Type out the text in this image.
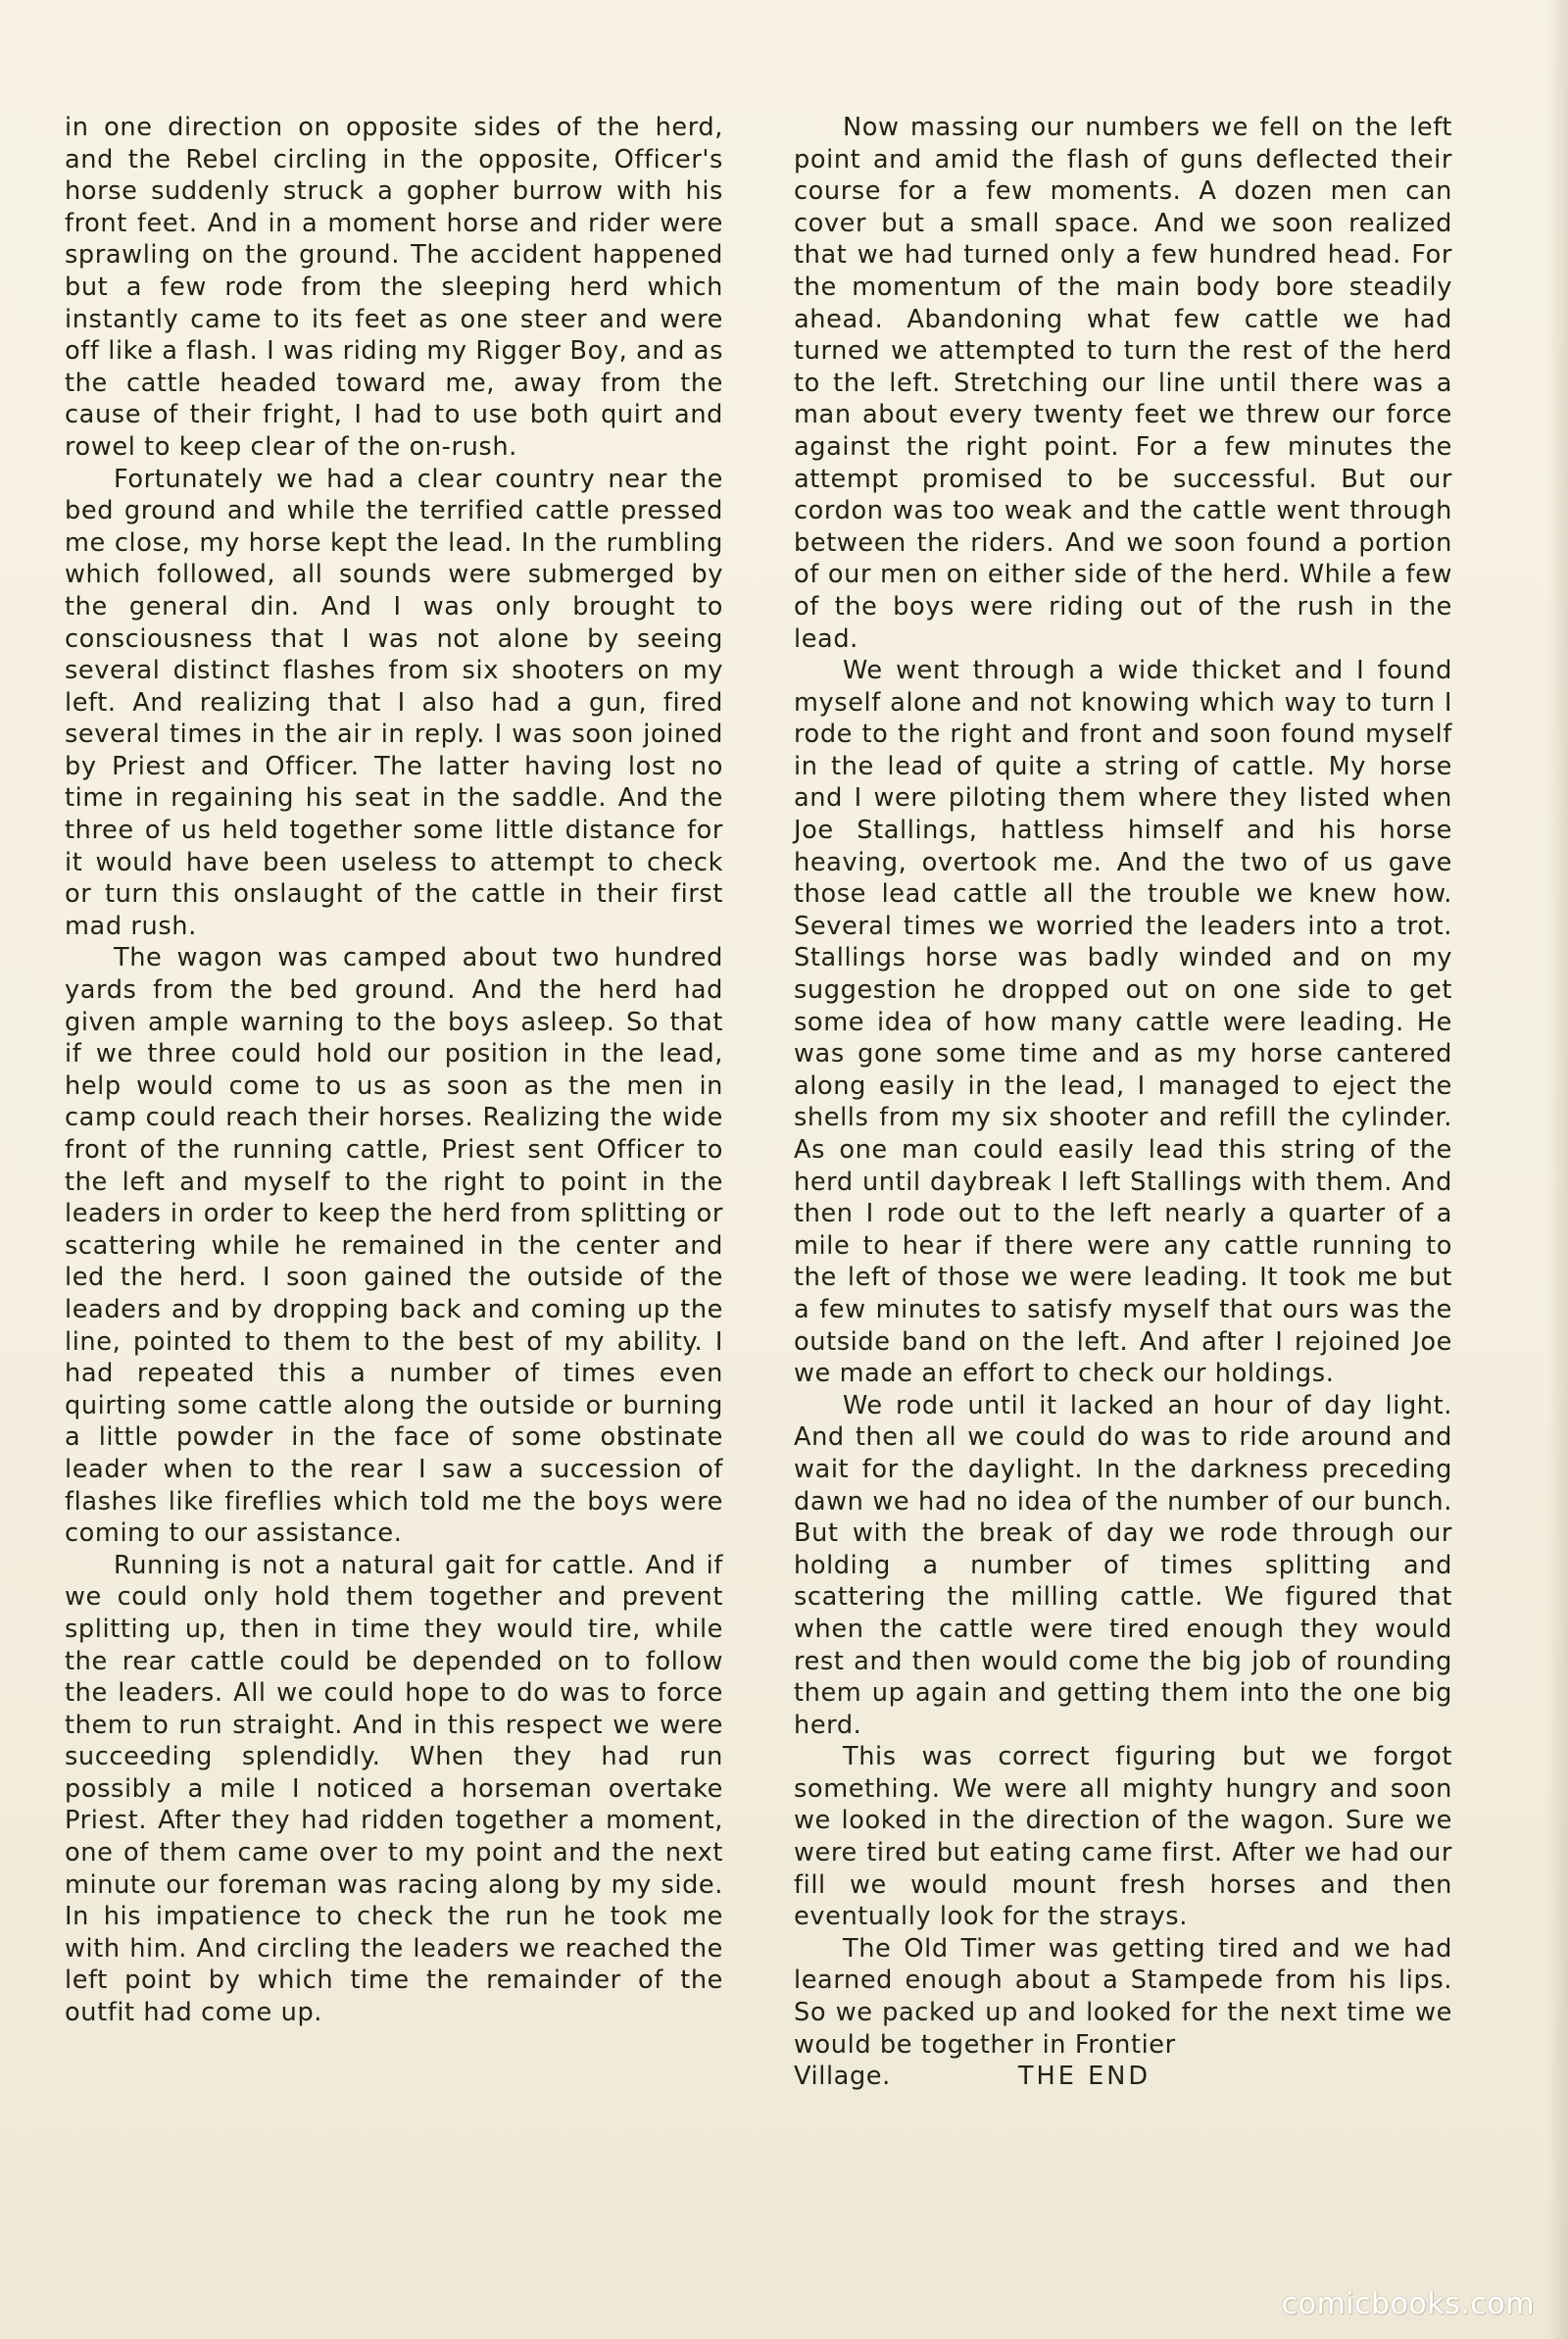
in one direction on opposite sides of the herd, and the Rebel circling in the opposite, Officer's horse suddenly struck a gopher burrow with his front feet. And in a moment horse and rider were sprawling on the ground. The accident happened but a few rode from the sleeping herd which instantly came to its feet as one steer and were off like a flash. I was riding my Rigger Boy, and as the cattle headed toward me, away from the cause of their fright, I had to use both quirt and rowel to keep clear of the on-rush.

Fortunately we had a clear country near the bed ground and while the terrified cattle pressed me close, my horse kept the lead. In the rumbling which followed, all sounds were submerged by the general din. And I was only brought to consciousness that I was not alone by seeing several distinct flashes from six shooters on my left. And realizing that I also had a gun, fired several times in the air in reply. I was soon joined by Priest and Officer. The latter having lost no time in regaining his seat in the saddle. And the three of us held together some little distance for it would have been useless to attempt to check or turn this onslaught of the cattle in their first mad rush.

The wagon was camped about two hundred yards from the bed ground. And the herd had given ample warning to the boys asleep. So that if we three could hold our position in the lead, help would come to us as soon as the men in camp could reach their horses. Realizing the wide front of the running cattle, Priest sent Officer to the left and myself to the right to point in the leaders in order to keep the herd from splitting or scattering while he remained in the center and led the herd. I soon gained the outside of the leaders and by dropping back and coming up the line, pointed to them to the best of my ability. I had repeated this a number of times even quirting some cattle along the outside or burning a little powder in the face of some obstinate leader when to the rear I saw a succession of flashes like fireflies which told me the boys were coming to our assistance.

Running is not a natural gait for cattle. And if we could only hold them together and prevent splitting up, then in time they would tire, while the rear cattle could be depended on to follow the leaders. All we could hope to do was to force them to run straight. And in this respect we were succeeding splendidly. When they had run possibly a mile I noticed a horseman overtake Priest. After they had ridden together a moment, one of them came over to my point and the next minute our foreman was racing along by my side. In his impatience to check the run he took me with him. And circling the leaders we reached the left point by which time the remainder of the outfit had come up.

Now massing our numbers we fell on the left point and amid the flash of guns deflected their course for a few moments. A dozen men can cover but a small space. And we soon realized that we had turned only a few hundred head. For the momentum of the main body bore steadily ahead. Abandoning what few cattle we had turned we attempted to turn the rest of the herd to the left. Stretching our line until there was a man about every twenty feet we threw our force against the right point. For a few minutes the attempt promised to be successful. But our cordon was too weak and the cattle went through between the riders. And we soon found a portion of our men on either side of the herd. While a few of the boys were riding out of the rush in the lead.

We went through a wide thicket and I found myself alone and not knowing which way to turn I rode to the right and front and soon found myself in the lead of quite a string of cattle. My horse and I were piloting them where they listed when Joe Stallings, hattless himself and his horse heaving, overtook me. And the two of us gave those lead cattle all the trouble we knew how. Several times we worried the leaders into a trot. Stallings horse was badly winded and on my suggestion he dropped out on one side to get some idea of how many cattle were leading. He was gone some time and as my horse cantered along easily in the lead, I managed to eject the shells from my six shooter and refill the cylinder. As one man could easily lead this string of the herd until daybreak I left Stallings with them. And then I rode out to the left nearly a quarter of a mile to hear if there were any cattle running to the left of those we were leading. It took me but a few minutes to satisfy myself that ours was the outside band on the left. And after I rejoined Joe we made an effort to check our holdings.

We rode until it lacked an hour of day light. And then all we could do was to ride around and wait for the daylight. In the darkness preceding dawn we had no idea of the number of our bunch. But with the break of day we rode through our holding a number of times splitting and scattering the milling cattle. We figured that when the cattle were tired enough they would rest and then would come the big job of rounding them up again and getting them into the one big herd.

This was correct figuring but we forgot something. We were all mighty hungry and soon we looked in the direction of the wagon. Sure we were tired but eating came first. After we had our fill we would mount fresh horses and then eventually look for the strays.

The Old Timer was getting tired and we had learned enough about a Stampede from his lips. So we packed up and looked for the next time we would be together in Frontier

Village.	THE END
comicbooks.com
